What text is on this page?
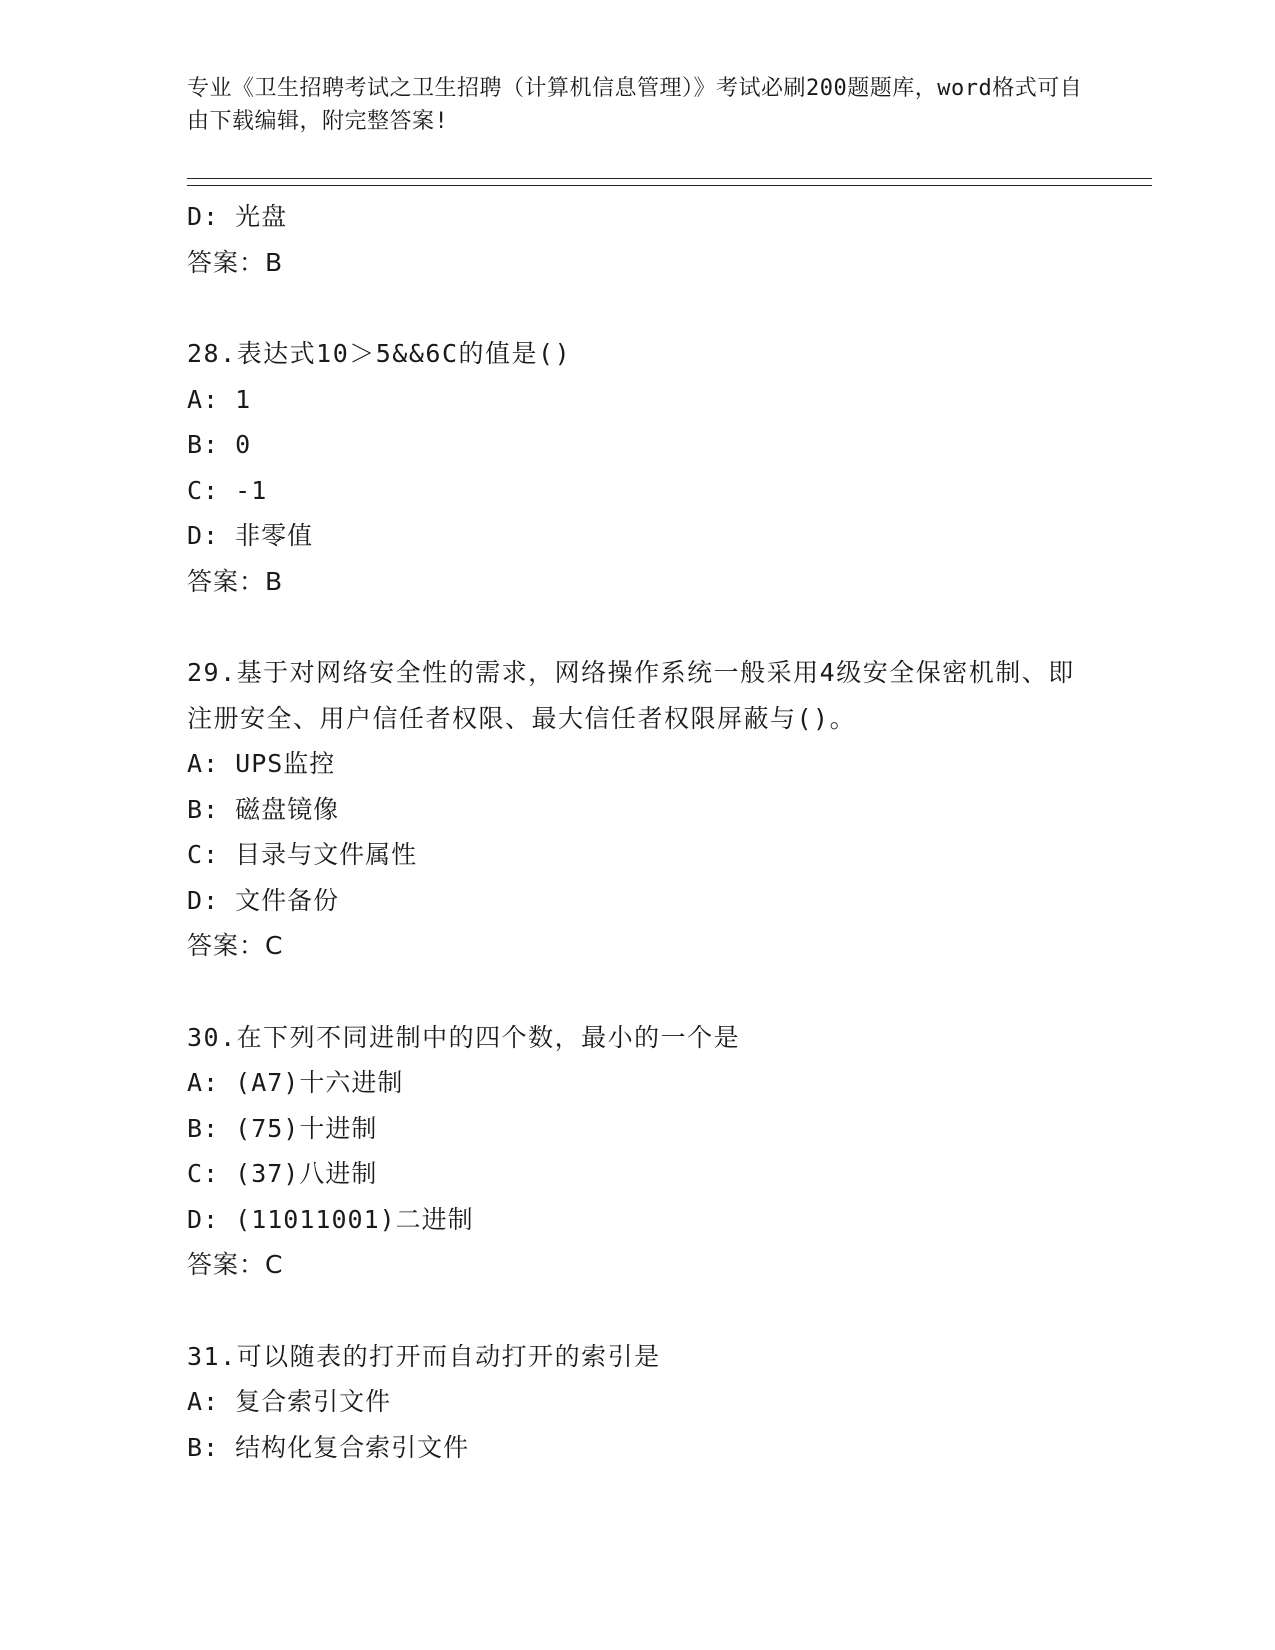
专业《卫生招聘考试之卫生招聘（计算机信息管理）》考试必刷200题题库，word格式可自由下载编辑，附完整答案!

D: 光盘
答案：B
28.表达式10＞5&&6C的值是()
A: 1
B: 0
C: -1
D: 非零值
答案：B
29.基于对网络安全性的需求，网络操作系统一般采用4级安全保密机制、即注册安全、用户信任者权限、最大信任者权限屏蔽与()。
A: UPS监控
B: 磁盘镜像
C: 目录与文件属性
D: 文件备份
答案：C
30.在下列不同进制中的四个数，最小的一个是
A: (A7)十六进制
B: (75)十进制
C: (37)八进制
D: (11011001)二进制
答案：C
31.可以随表的打开而自动打开的索引是
A: 复合索引文件
B: 结构化复合索引文件
